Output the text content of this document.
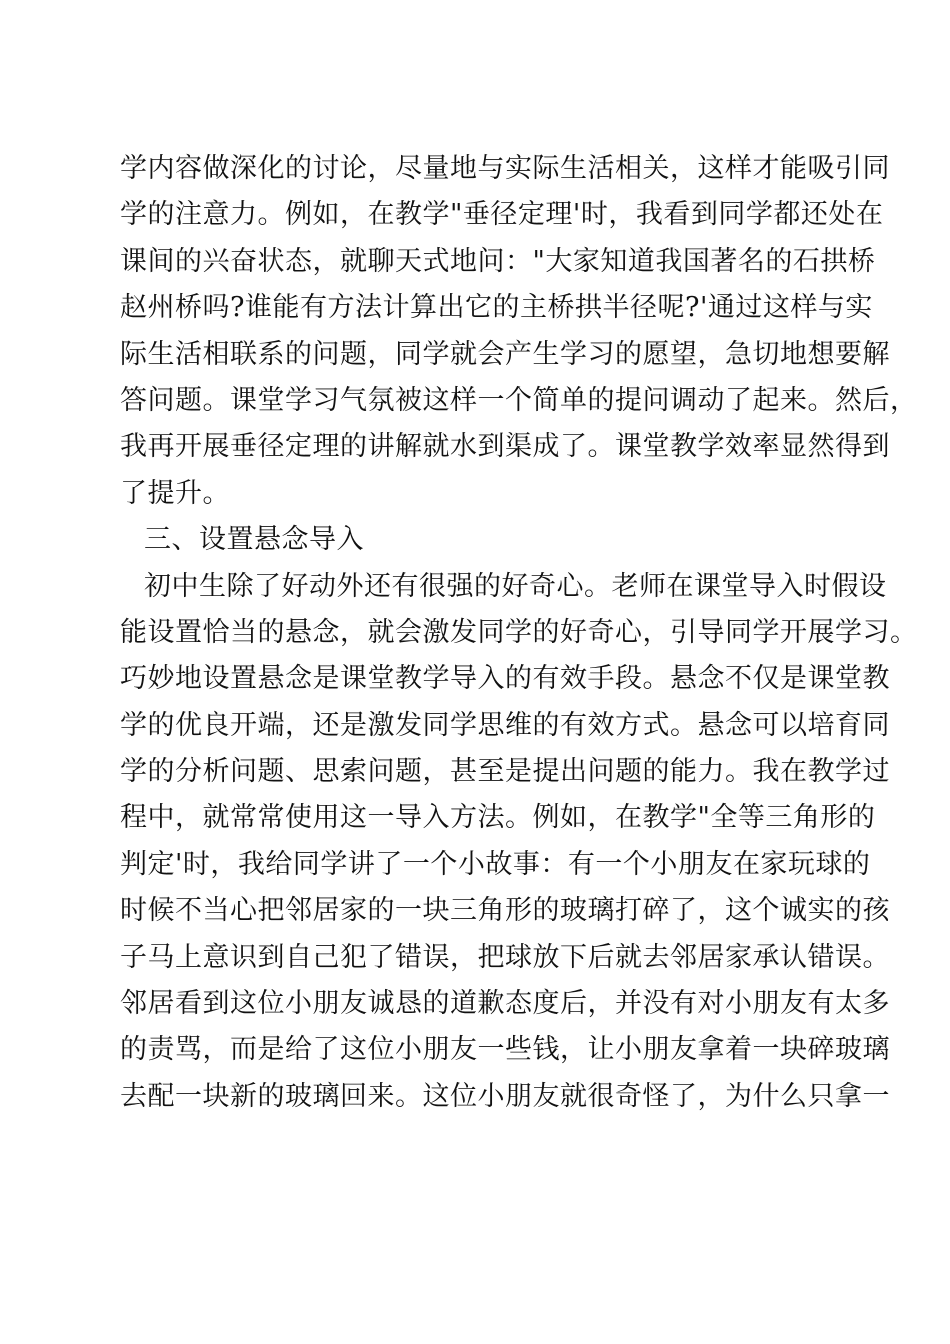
学内容做深化的讨论，尽量地与实际生活相关，这样才能吸引同
学的注意力。例如，在教学"垂径定理'时，我看到同学都还处在
课间的兴奋状态，就聊天式地问："大家知道我国著名的石拱桥
赵州桥吗?谁能有方法计算出它的主桥拱半径呢?'通过这样与实
际生活相联系的问题，同学就会产生学习的愿望，急切地想要解
答问题。课堂学习气氛被这样一个简单的提问调动了起来。然后，
我再开展垂径定理的讲解就水到渠成了。课堂教学效率显然得到
了提升。
三、设置悬念导入
初中生除了好动外还有很强的好奇心。老师在课堂导入时假设
能设置恰当的悬念，就会激发同学的好奇心，引导同学开展学习。
巧妙地设置悬念是课堂教学导入的有效手段。悬念不仅是课堂教
学的优良开端，还是激发同学思维的有效方式。悬念可以培育同
学的分析问题、思索问题，甚至是提出问题的能力。我在教学过
程中，就常常使用这一导入方法。例如，在教学"全等三角形的
判定'时，我给同学讲了一个小故事：有一个小朋友在家玩球的
时候不当心把邻居家的一块三角形的玻璃打碎了，这个诚实的孩
子马上意识到自己犯了错误，把球放下后就去邻居家承认错误。
邻居看到这位小朋友诚恳的道歉态度后，并没有对小朋友有太多
的责骂，而是给了这位小朋友一些钱，让小朋友拿着一块碎玻璃
去配一块新的玻璃回来。这位小朋友就很奇怪了，为什么只拿一
